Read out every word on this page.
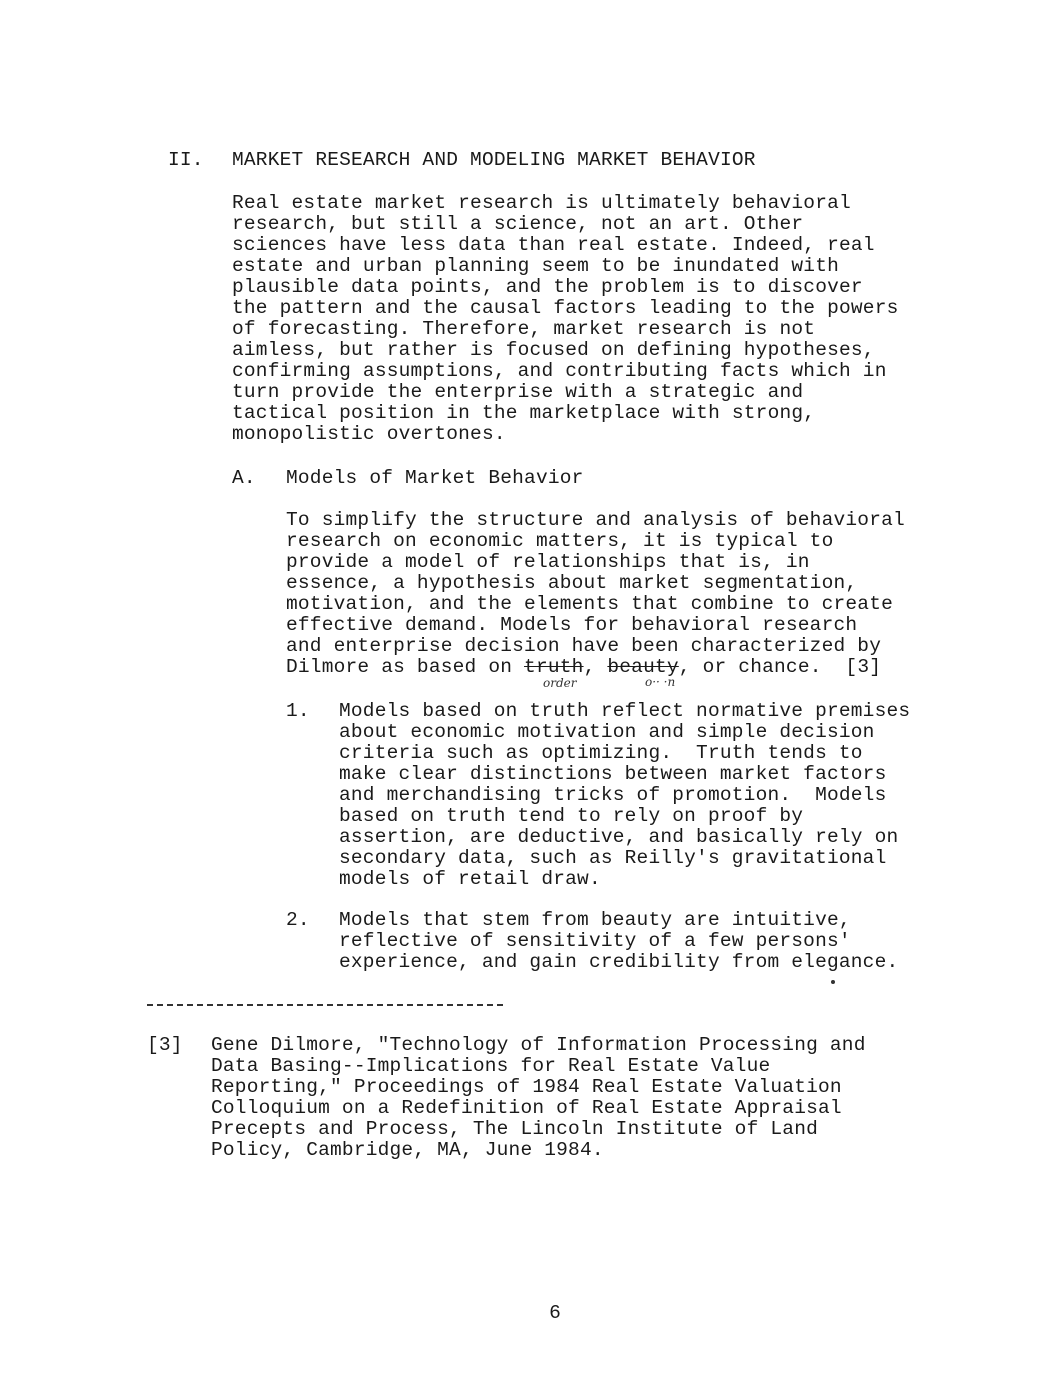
II. MARKET RESEARCH AND MODELING MARKET BEHAVIOR
Real estate market research is ultimately behavioral
research, but still a science, not an art. Other
sciences have less data than real estate. Indeed, real
estate and urban planning seem to be inundated with
plausible data points, and the problem is to discover
the pattern and the causal factors leading to the powers
of forecasting. Therefore, market research is not
aimless, but rather is focused on defining hypotheses,
confirming assumptions, and contributing facts which in
turn provide the enterprise with a strategic and
tactical position in the marketplace with strong,
monopolistic overtones.
A. Models of Market Behavior
To simplify the structure and analysis of behavioral
research on economic matters, it is typical to
provide a model of relationships that is, in
essence, a hypothesis about market segmentation,
motivation, and the elements that combine to create
effective demand. Models for behavioral research
and enterprise decision have been characterized by
Dilmore as based on truth, beauty, or chance.  [3]
order	o·· ·n
1. Models based on truth reflect normative premises
about economic motivation and simple decision
criteria such as optimizing.  Truth tends to
make clear distinctions between market factors
and merchandising tricks of promotion.  Models
based on truth tend to rely on proof by
assertion, are deductive, and basically rely on
secondary data, such as Reilly's gravitational
models of retail draw.
2. Models that stem from beauty are intuitive,
reflective of sensitivity of a few persons'
experience, and gain credibility from elegance.
[3] Gene Dilmore, "Technology of Information Processing and
Data Basing--Implications for Real Estate Value
Reporting," Proceedings of 1984 Real Estate Valuation
Colloquium on a Redefinition of Real Estate Appraisal
Precepts and Process, The Lincoln Institute of Land
Policy, Cambridge, MA, June 1984.
6
